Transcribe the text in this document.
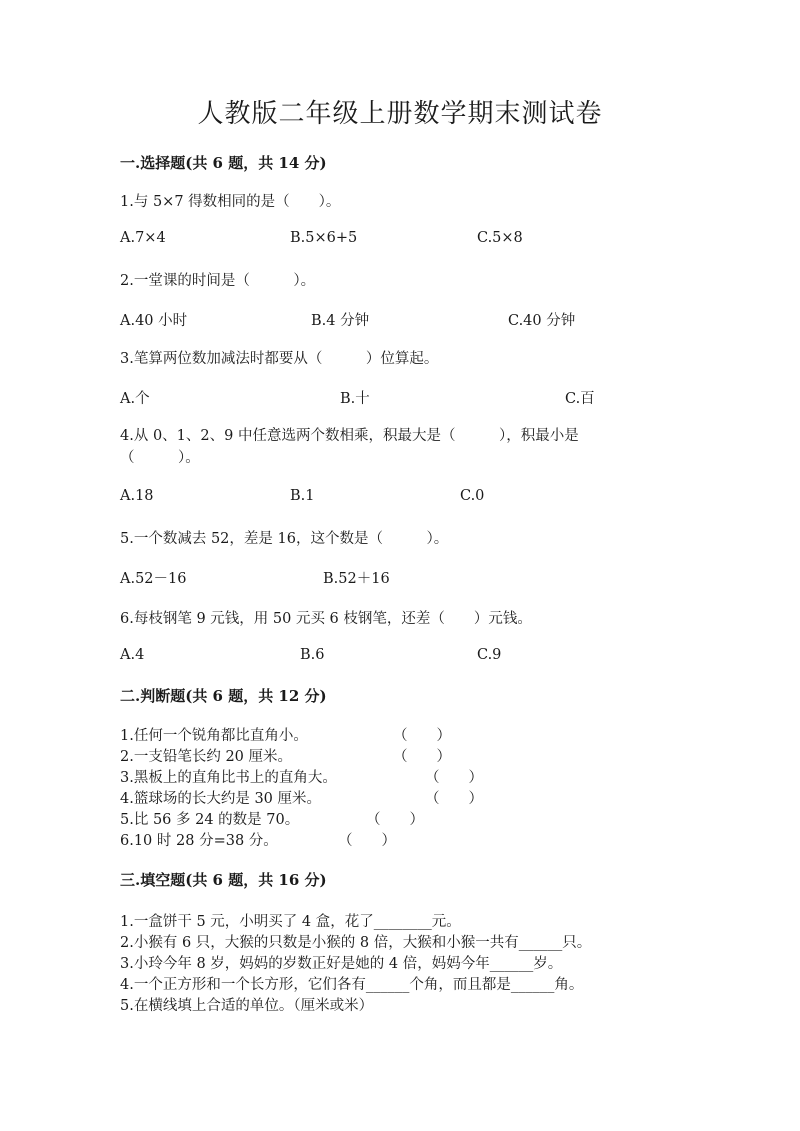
人教版二年级上册数学期末测试卷
一.选择题(共 6 题，共 14 分)
1.与 5×7 得数相同的是（　　）。
A.7×4	B.5×6+5	C.5×8
2.一堂课的时间是（　　　）。
A.40 小时	B.4 分钟	C.40 分钟
3.笔算两位数加减法时都要从（　　　）位算起。
A.个	B.十	C.百
4.从 0、1、2、9 中任意选两个数相乘，积最大是（　　　），积最小是（　　　）。
A.18	B.1	C.0
5.一个数减去 52，差是 16，这个数是（　　　）。
A.52－16	B.52＋16
6.每枝钢笔 9 元钱，用 50 元买 6 枝钢笔，还差（　　）元钱。
A.4	B.6	C.9
二.判断题(共 6 题，共 12 分)
1.任何一个锐角都比直角小。	（　　）
2.一支铅笔长约 20 厘米。	（　　）
3.黑板上的直角比书上的直角大。	（　　）
4.篮球场的长大约是 30 厘米。	（　　）
5.比 56 多 24 的数是 70。	（　　）
6.10 时 28 分=38 分。	（　　）
三.填空题(共 6 题，共 16 分)
1.一盒饼干 5 元，小明买了 4 盒，花了________元。
2.小猴有 6 只，大猴的只数是小猴的 8 倍，大猴和小猴一共有______只。
3.小玲今年 8 岁，妈妈的岁数正好是她的 4 倍，妈妈今年______岁。
4.一个正方形和一个长方形，它们各有______个角，而且都是______角。
5.在横线填上合适的单位。（厘米或米）
